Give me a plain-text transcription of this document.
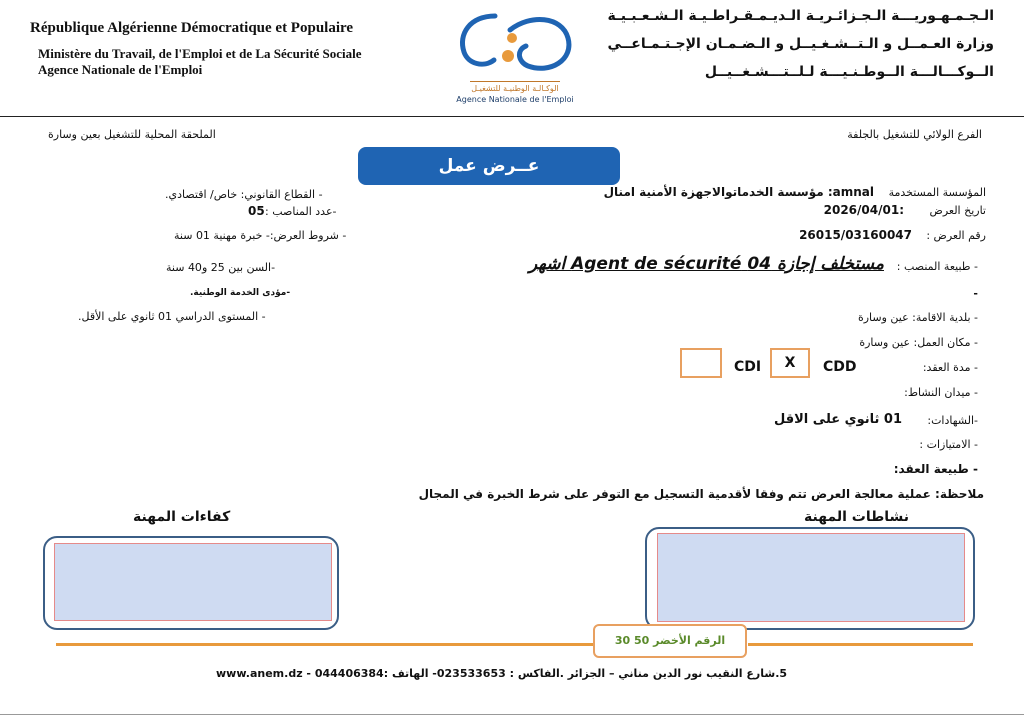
République Algérienne Démocratique et Populaire
Ministère du Travail, de l'Emploi et de La Sécurité Sociale
Agence Nationale de l'Emploi
الـجـمـهـوريـــة الـجـزائـريـة الـديـمـقـراطـيـة الـشـعـبـيـة
وزارة العـمــل و الـتــشـغـيــل و الـضـمـان الإجـتـمـاعــي
الــوكـــالـــة الــوطـنـيـــة لـلــتـــشـغــيــل
الوكـالـة الوطنيـة للتشغيـل
Agence Nationale de l'Emploi
الفرع الولائي للتشغيل بالجلفة
الملحقة المحلية للتشغيل بعين وسارة
عــرض عمل
المؤسسة المستخدمة
amnal: مؤسسة الخدماتوالاجهزة الأمنية امنال
تاريخ العرض
2026/04/01:
رقم العرض :
26015/03160047
- طبيعة المنصب :
مستخلف إجازة 04 Agent de sécurité اشهر
-
- بلدية الاقامة: عين وسارة
- مكان العمل: عين وسارة
- مدة العقد:
CDD
X
CDI
- ميدان النشاط:
-الشهادات:
01 ثانوي على الاقل
- الامتيازات :
- طبيعة العقد:
ملاحظة: عملية معالجة العرض تتم وفقا لأقدمية التسجيل مع التوفر على شرط الخبرة في المجال
- القطاع القانوني: خاص/ اقتصادي.
-عدد المناصب :
05
- شروط العرض:- خبرة مهنية 01 سنة
-السن بين 25 و40 سنة
-مؤدى الخدمة الوطنية.
- المستوى الدراسي 01 ثانوي على الأقل.
نشاطات المهنة
كفاءات المهنة
الرقم الأخضر 50 30
5.شارع النقيب نور الدين مناني – الجزائر .الفاكس : 023533653- الهاتف :044406384 - www.anem.dz
